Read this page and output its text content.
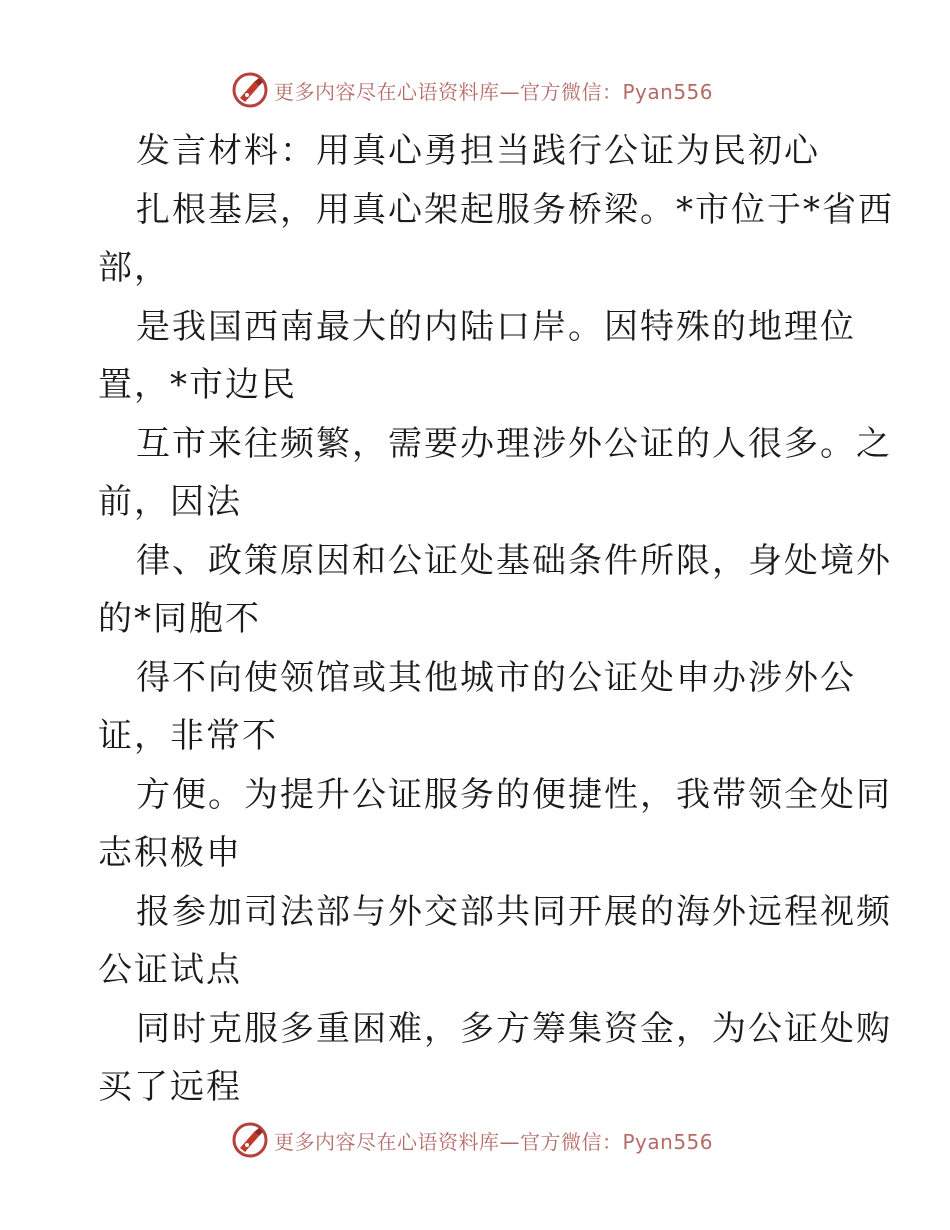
更多内容尽在心语资料库—官方微信：Pyan556
发言材料：用真心勇担当践行公证为民初心
扎根基层，用真心架起服务桥梁。*市位于*省西
部，
是我国西南最大的内陆口岸。因特殊的地理位
置，*市边民
互市来往频繁，需要办理涉外公证的人很多。之
前，因法
律、政策原因和公证处基础条件所限，身处境外
的*同胞不
得不向使领馆或其他城市的公证处申办涉外公
证，非常不
方便。为提升公证服务的便捷性，我带领全处同
志积极申
报参加司法部与外交部共同开展的海外远程视频
公证试点
同时克服多重困难，多方筹集资金，为公证处购
买了远程
更多内容尽在心语资料库—官方微信：Pyan556
